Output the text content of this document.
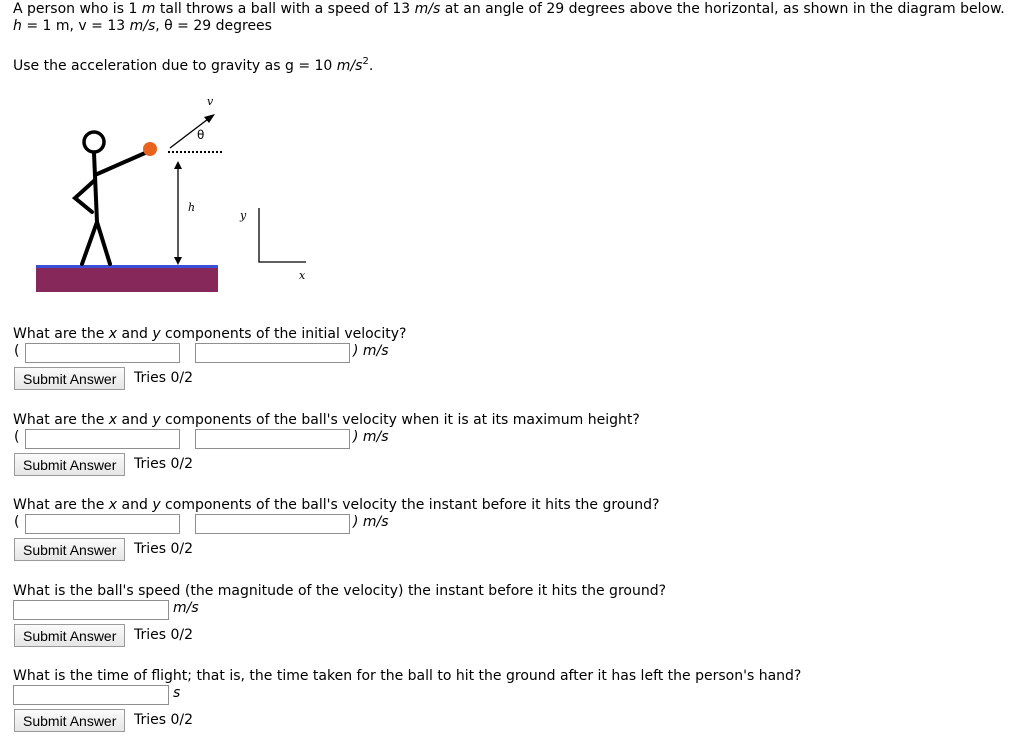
A person who is 1 m tall throws a ball with a speed of 13 m/s at an angle of 29 degrees above the horizontal, as shown in the diagram below.
h = 1 m, v = 13 m/s, θ = 29 degrees
Use the acceleration due to gravity as g = 10 $m/s^2$.
v
θ
h
y
x
What are the x and y components of the initial velocity?
(	) m/s
Submit Answer	Tries 0/2
What are the x and y components of the ball's velocity when it is at its maximum height?
(	) m/s
Submit Answer	Tries 0/2
What are the x and y components of the ball's velocity the instant before it hits the ground?
(	) m/s
Submit Answer	Tries 0/2
What is the ball's speed (the magnitude of the velocity) the instant before it hits the ground?
m/s
Submit Answer	Tries 0/2
What is the time of flight; that is, the time taken for the ball to hit the ground after it has left the person's hand?
s
Submit Answer	Tries 0/2
